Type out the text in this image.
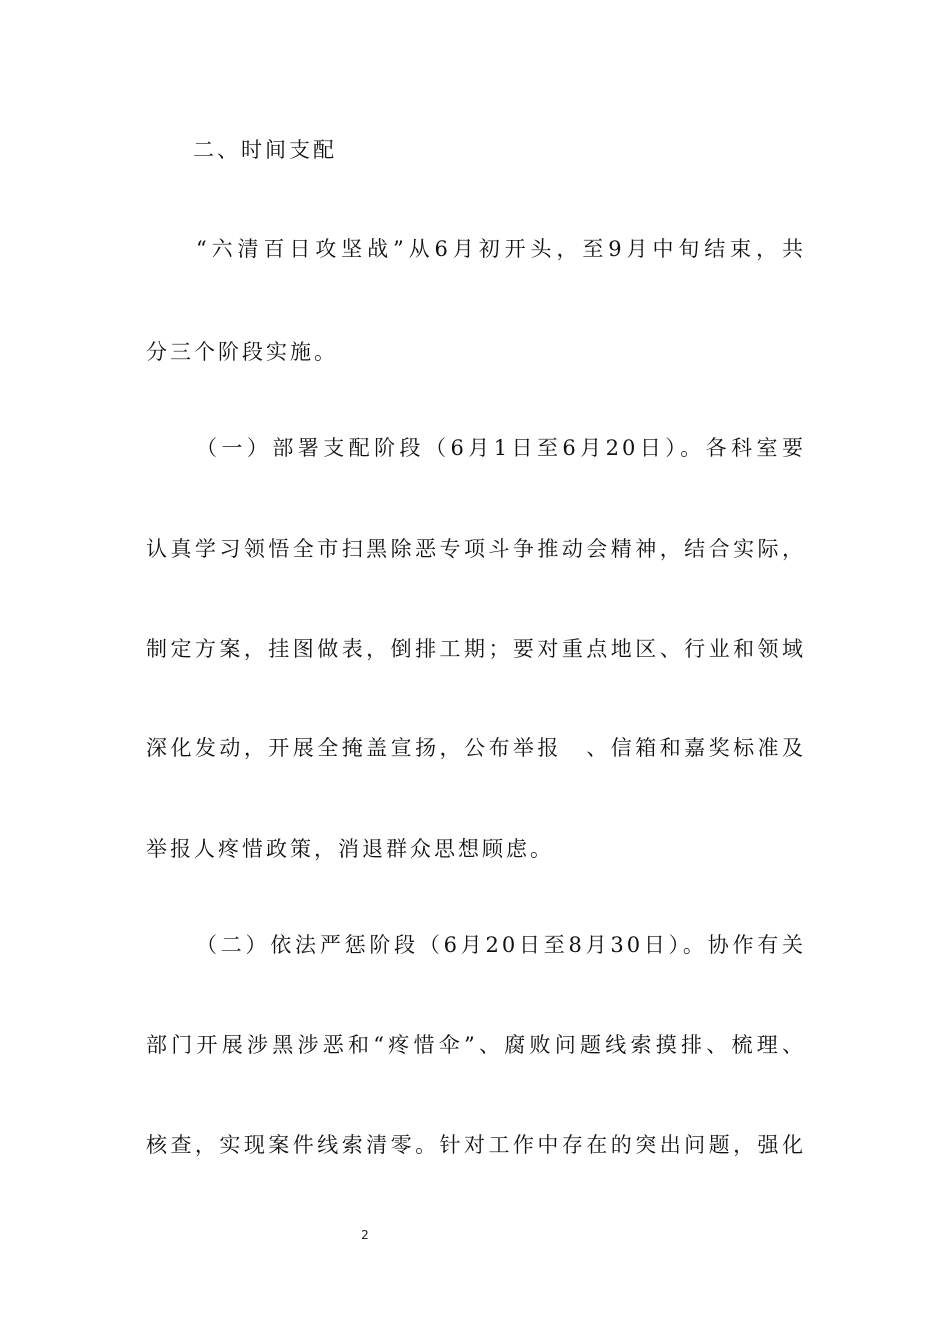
二、时间支配
“六清百日攻坚战”从6月初开头，至9月中旬结束，共
分三个阶段实施。
（一）部署支配阶段（6月1日至6月20日）。各科室要
认真学习领悟全市扫黑除恶专项斗争推动会精神，结合实际，
制定方案，挂图做表，倒排工期；要对重点地区、行业和领域
深化发动，开展全掩盖宣扬，公布举报　、信箱和嘉奖标准及
举报人疼惜政策，消退群众思想顾虑。
（二）依法严惩阶段（6月20日至8月30日）。协作有关
部门开展涉黑涉恶和“疼惜伞”、腐败问题线索摸排、梳理、
核查，实现案件线索清零。针对工作中存在的突出问题，强化
2
